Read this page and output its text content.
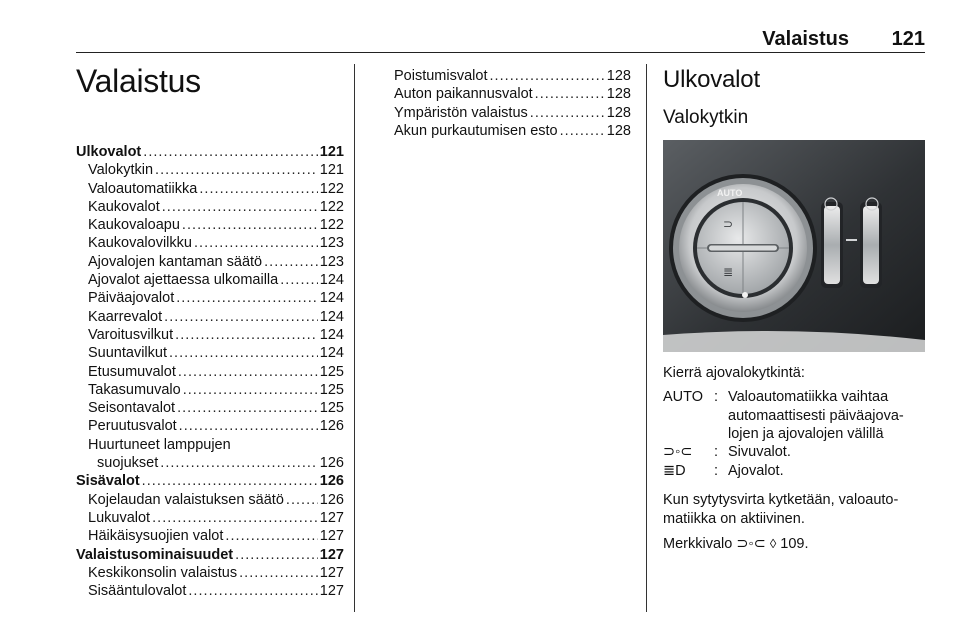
Valaistus 121
Valaistus
Ulkovalot . . .	121
Valokytkin . . .	121
Valoautomatiikka . . .	122
Kaukovalot . . .	122
Kaukovaloapu . . .	122
Kaukovalovilkku . . .	123
Ajovalojen kantaman säätö . . .	123
Ajovalot ajettaessa ulkomailla . . .	124
Päiväajovalot . . .	124
Kaarrevalot . . .	124
Varoitusvilkut . . .	124
Suuntavilkut . . .	124
Etusumuvalot . . .	125
Takasumuvalo . . .	125
Seisontavalot . . .	125
Peruutusvalot . . .	126
Huurtuneet lamppujen
suojukset . . .	126
Sisävalot . . .	126
Kojelaudan valaistuksen säätö . . . 126
Lukuvalot . . .	127
Häikäisysuojien valot . . .	127
Valaistusominaisuudet . . .	127
Keskikonsolin valaistus . . .	127
Sisääntulovalot . . .	127
Poistumisvalot . . .	128
Auton paikannusvalot . . .	128
Ympäristön valaistus . . .	128
Akun purkautumisen esto . . .	128
Ulkovalot
Valokytkin
AUTO
⊃
≣
Kierrä ajovalokytkintä:
AUTO : Valoautomatiikka vaihtaa automaattisesti päiväajova-lojen ja ajovalojen välillä
⊃◦⊂ : Sivuvalot.
≣D : Ajovalot.
Kun sytytysvirta kytketään, valoauto-matiikka on aktiivinen.
Merkkivalo ⊃◦⊂ ◊ 109.
